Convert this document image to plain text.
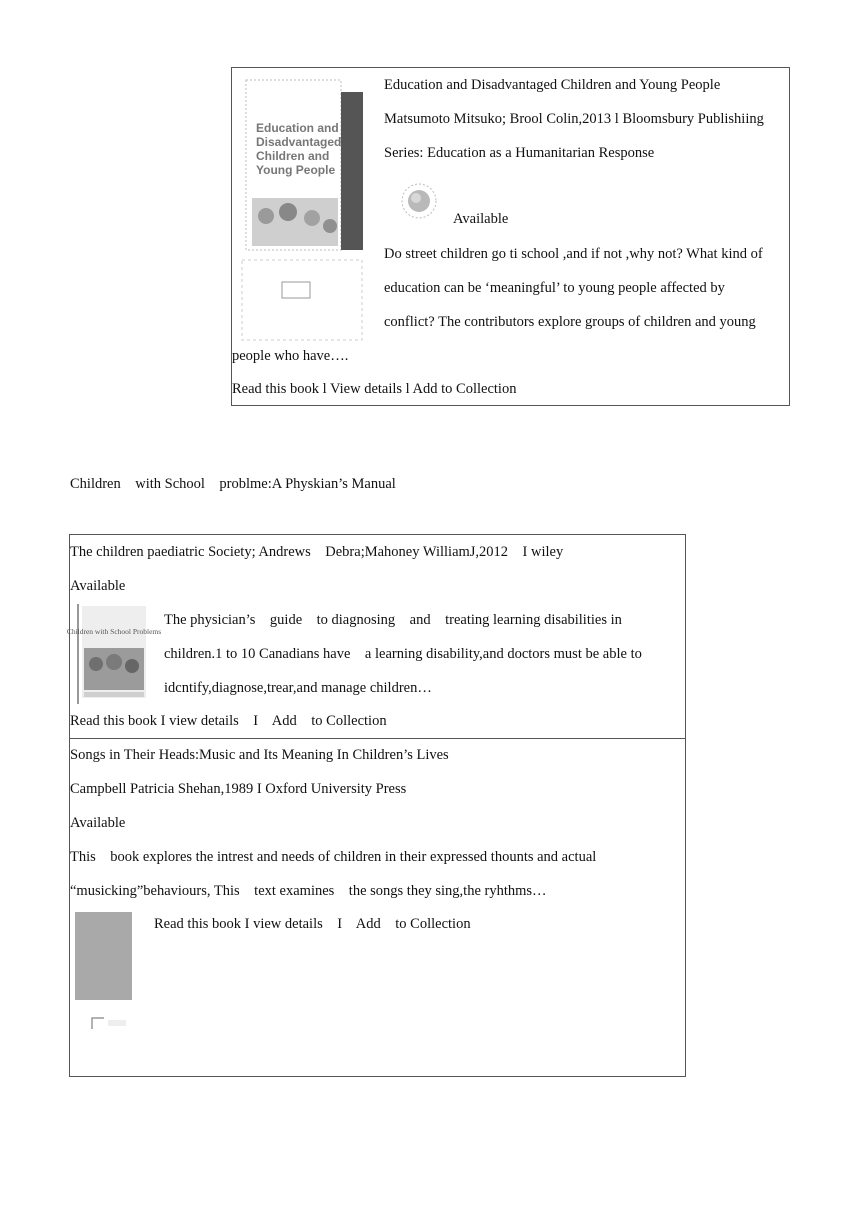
Education and
Disadvantaged
Children and
Young People
Education and Disadvantaged Children and Young People
Matsumoto Mitsuko; Brool Colin,2013 l Bloomsbury Publishiing
Series: Education as a Humanitarian Response
Available
Do street children go ti school ,and if not ,why not? What kind of
education can be ‘meaningful’ to young people affected by
conflict? The contributors explore groups of children and young
people who have….
Read this book l View details l Add to Collection
Children    with School    problme:A Physkian’s Manual
The children paediatric Society; Andrews    Debra;Mahoney WilliamJ,2012    I wiley
Available
Children with School Problems
The physician’s    guide    to diagnosing    and    treating learning disabilities in
children.1 to 10 Canadians have    a learning disability,and doctors must be able to
idcntify,diagnose,trear,and manage children…
Read this book I view details    I    Add    to Collection
Songs in Their Heads:Music and Its Meaning In Children’s Lives
Campbell Patricia Shehan,1989 I Oxford University Press
Available
This    book explores the intrest and needs of children in their expressed thounts and actual
“musicking”behaviours, This    text examines    the songs they sing,the ryhthms…
Read this book I view details    I    Add    to Collection
